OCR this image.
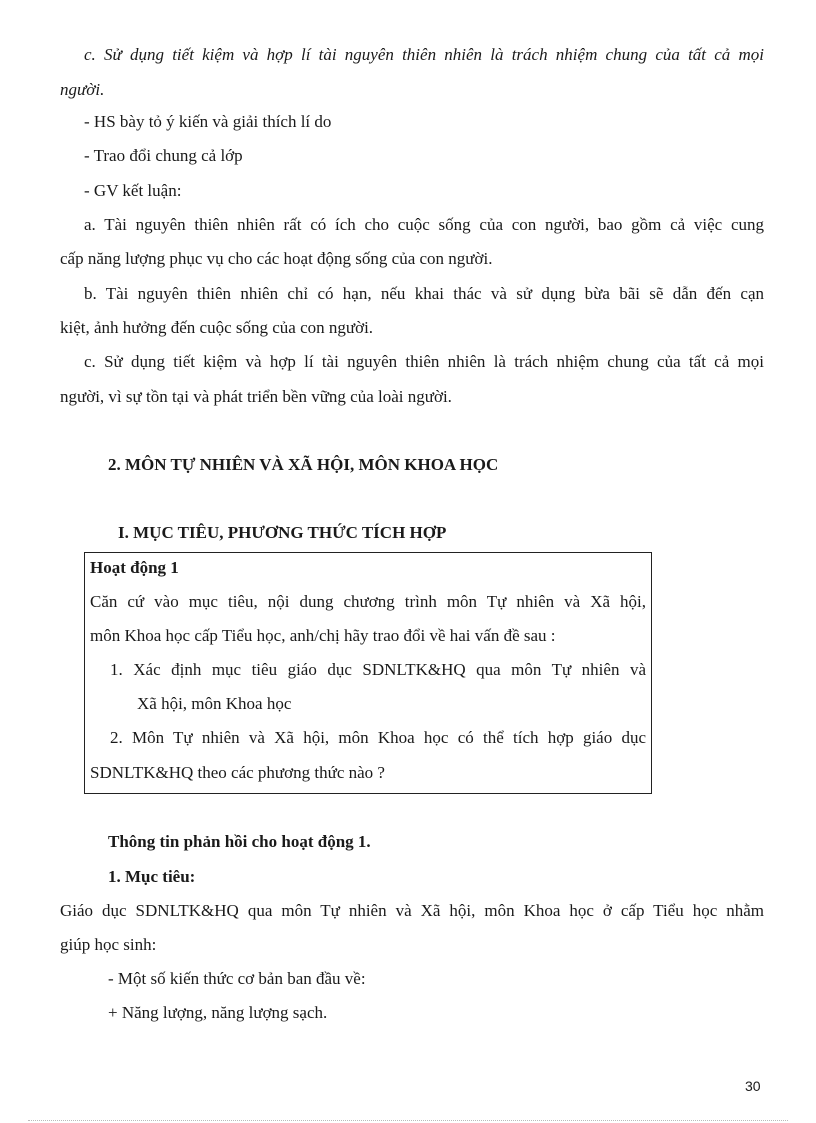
c. Sử dụng tiết kiệm và hợp lí tài nguyên thiên nhiên là trách nhiệm chung của tất cả mọi
người.
- HS bày tỏ ý kiến và giải thích lí do
- Trao đổi chung cả lớp
- GV kết luận:
a. Tài nguyên thiên nhiên rất có ích cho cuộc sống của con người, bao gồm cả việc cung
cấp năng lượng phục vụ cho các hoạt động sống của con người.
b. Tài nguyên thiên nhiên chỉ có hạn, nếu khai thác và sử dụng bừa bãi sẽ dẫn đến cạn
kiệt, ảnh hưởng đến cuộc sống của con người.
c. Sử dụng tiết kiệm và hợp lí tài nguyên thiên nhiên là trách nhiệm chung của tất cả mọi
người, vì sự tồn tại và phát triển bền vững của loài người.
2. MÔN TỰ NHIÊN VÀ XÃ HỘI, MÔN KHOA HỌC
I. MỤC TIÊU, PHƯƠNG THỨC TÍCH HỢP
Hoạt động 1
Căn cứ vào mục tiêu, nội dung chương trình môn Tự nhiên và Xã hội,
môn Khoa học cấp Tiểu học, anh/chị hãy trao đổi về hai vấn đề sau :
1. Xác định mục tiêu giáo dục SDNLTK&HQ qua môn Tự nhiên và
Xã hội, môn Khoa học
2. Môn Tự nhiên và Xã hội, môn Khoa học có thể tích hợp giáo dục
SDNLTK&HQ theo các phương thức nào ?
Thông tin phản hồi cho hoạt động 1.
1. Mục tiêu:
Giáo dục SDNLTK&HQ qua môn Tự nhiên và Xã hội, môn Khoa học ở cấp Tiểu học nhằm
giúp học sinh:
- Một số kiến thức cơ bản ban đầu về:
+ Năng lượng, năng lượng sạch.
30
